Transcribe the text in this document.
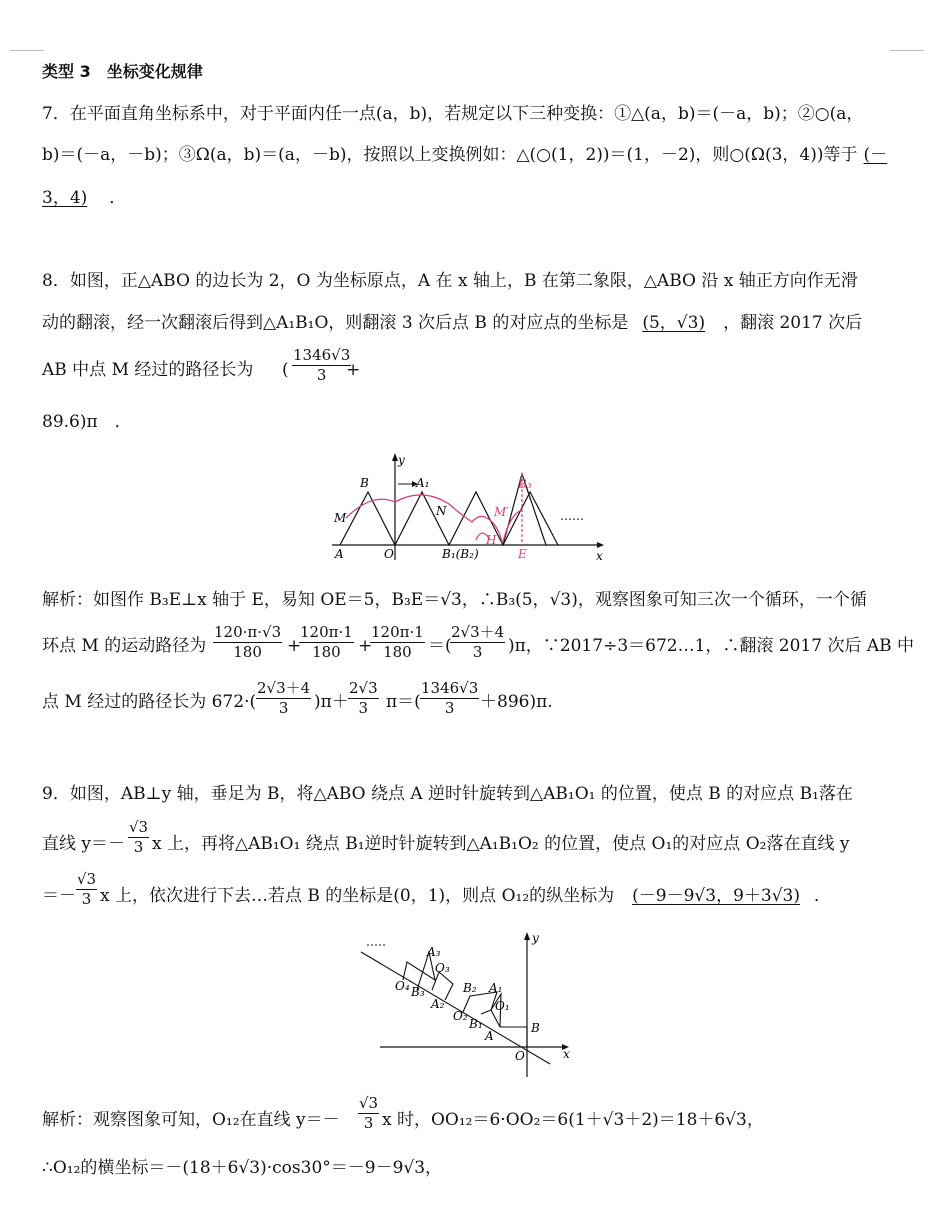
类型 3　坐标变化规律
7．在平面直角坐标系中，对于平面内任一点(a，b)，若规定以下三种变换：①△(a，b)＝(－a，b)；②○(a，
b)＝(－a，－b)；③Ω(a，b)＝(a，－b)，按照以上变换例如：△(○(1，2))＝(1，－2)，则○(Ω(3，4))等于 (－
3，4) ．
8．如图，正△ABO 的边长为 2，O 为坐标原点，A 在 x 轴上，B 在第二象限，△ABO 沿 x 轴正方向作无滑
动的翻滚，经一次翻滚后得到△A₁B₁O，则翻滚 3 次后点 B 的对应点的坐标是 (5，√3) ，翻滚 2017 次后
AB 中点 M 经过的路径长为 ( $\frac{1346√3}{3}$
+
89.6)π　．
y
x
B	A₁
N
B₃
M	M′	……
A	O	B₁(B₂)
H
E
解析：如图作 B₃E⊥x 轴于 E，易知 OE＝5，B₃E＝√3，∴B₃(5，√3)，观察图象可知三次一个循环，一个循
环点 M 的运动路径为 $\frac{120\cdot\pi\cdot√3}{180}$ +
$\frac{120\pi\cdot 1}{180}$ +
$\frac{120\pi\cdot 1}{180}$ ＝(
$\frac{2√3+4}{3} )\pi$，∵2017÷3＝672…1，∴翻滚 2017 次后 AB 中
点 M 经过的路径长为 $672\cdot( \frac{2√3+4}{3} )\pi+ \frac{2√3}{3} \pi=( \frac{1346√3}{3} +896)\pi$.
9．如图，AB⊥y 轴，垂足为 B，将△ABO 绕点 A 逆时针旋转到△AB₁O₁ 的位置，使点 B 的对应点 B₁落在
直线 $y=- \frac{√3}{3}$ x 上，再将△AB₁O₁ 绕点 B₁逆时针旋转到△A₁B₁O₂ 的位置，使点 O₁的对应点 O₂落在直线 y
＝－ $\frac{√3}{3}$ x 上，依次进行下去…若点 B 的坐标是(0，1)，则点 O₁₂的纵坐标为 (－9－9√3，9＋3√3) ．
y
x
A₃
O₃
O₄ B₃	B₂
A₂
A₁
O₁
O₂
B₁
A
B
O
解析：观察图象可知，O₁₂在直线 $y=- \frac{√3}{3}$ x 时，OO₁₂＝6·OO₂＝6(1＋√3＋2)＝18＋6√3，
∴O₁₂的横坐标＝－(18＋6√3)·cos30°＝－9－9√3，
